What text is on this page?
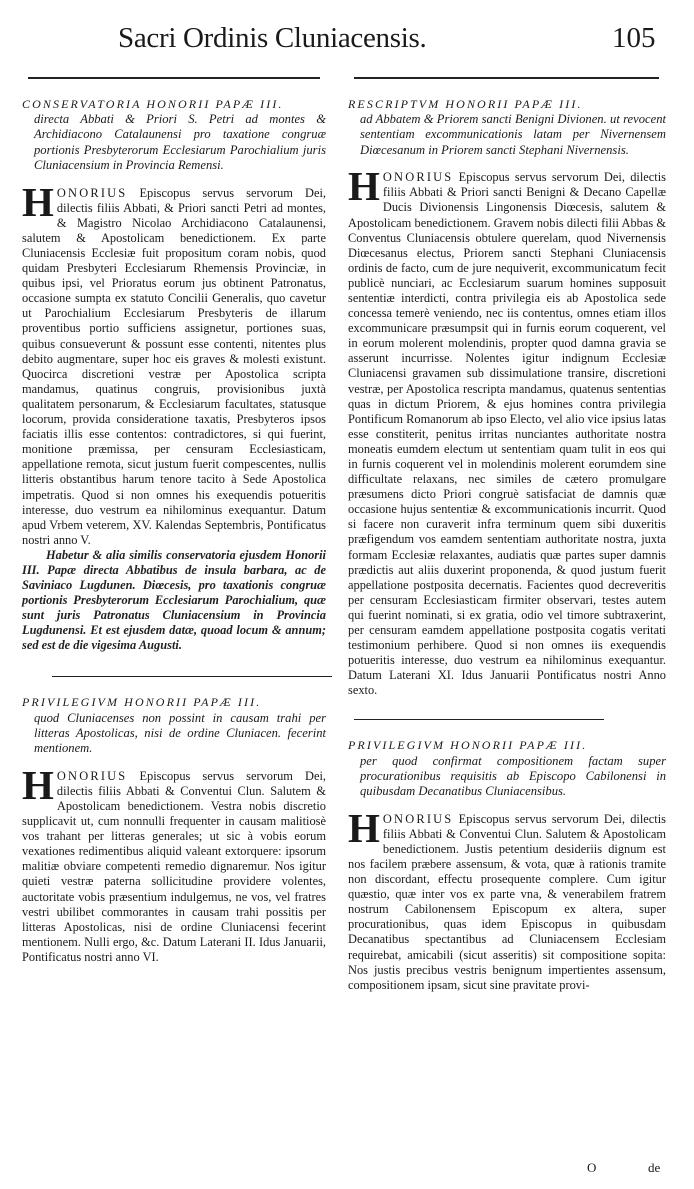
Sacri Ordinis Cluniacensis.	105
CONSERVATORIA HONORII PAPÆ III.
directa Abbati & Priori S. Petri ad montes & Archidiacono Catalaunensi pro taxatione congruæ portionis Presbyterorum Ecclesiarum Parochialium juris Cluniacensium in Provincia Remensi.
HONORIUS Episcopus servus servorum Dei, dilectis filiis Abbati, & Priori sancti Petri ad montes, & Magistro Nicolao Archidiacono Catalaunensi, salutem & Apostolicam benedictionem. Ex parte Cluniacensis Ecclesiæ fuit propositum coram nobis, quod quidam Presbyteri Ecclesiarum Rhemensis Provinciæ, in quibus ipsi, vel Prioratus eorum jus obtinent Patronatus, occasione sumpta ex statuto Concilii Generalis, quo cavetur ut Parochialium Ecclesiarum Presbyteris de illarum proventibus portio sufficiens assignetur, portiones suas, quibus consueverunt & possunt esse contenti, nitentes plus debito augmentare, super hoc eis graves & molesti existunt. Quocirca discretioni vestræ per Apostolica scripta mandamus, quatinus congruis, provisionibus juxtà qualitatem personarum, & Ecclesiarum facultates, statusque locorum, provida consideratione taxatis, Presbyteros ipsos faciatis illis esse contentos: contradictores, si qui fuerint, monitione præmissa, per censuram Ecclesiasticam, appellatione remota, sicut justum fuerit compescentes, nullis litteris obstantibus harum tenore tacito à Sede Apostolica impetratis. Quod si non omnes his exequendis potueritis interesse, duo vestrum ea nihilominus exequantur. Datum apud Vrbem veterem, XV. Kalendas Septembris, Pontificatus nostri anno V.
Habetur & alia similis conservatoria ejusdem Honorii III. Papæ directa Abbatibus de insula barbara, ac de Saviniaco Lugdunen. Diœcesis, pro taxationis congruæ portionis Presbyterorum Ecclesiarum Parochialium, quæ sunt juris Patronatus Cluniacensium in Provincia Lugdunensi. Et est ejusdem datæ, quoad locum & annum; sed est de die vigesima Augusti.
PRIVILEGIVM HONORII PAPÆ III.
quod Cluniacenses non possint in causam trahi per litteras Apostolicas, nisi de ordine Cluniacen. fecerint mentionem.
HONORIUS Episcopus servus servorum Dei, dilectis filiis Abbati & Conventui Clun. Salutem & Apostolicam benedictionem. Vestra nobis discretio supplicavit ut, cum nonnulli frequenter in causam malitiosè vos trahant per litteras generales; ut sic à vobis eorum vexationes redimentibus aliquid valeant extorquere: ipsorum malitiæ obviare competenti remedio dignaremur. Nos igitur quieti vestræ paterna sollicitudine providere volentes, auctoritate vobis præsentium indulgemus, ne vos, vel fratres vestri ubilibet commorantes in causam trahi possitis per litteras Apostolicas, nisi de ordine Cluniacensi fecerint mentionem. Nulli ergo, &c. Datum Laterani II. Idus Januarii, Pontificatus nostri anno VI.
RESCRIPTVM HONORII PAPÆ III.
ad Abbatem & Priorem sancti Benigni Divionen. ut revocent sententiam excommunicationis latam per Nivernensem Diœcesanum in Priorem sancti Stephani Nivernensis.
HONORIUS Episcopus servus servorum Dei, dilectis filiis Abbati & Priori sancti Benigni & Decano Capellæ Ducis Divionensis Lingonensis Diœcesis, salutem & Apostolicam benedictionem. Gravem nobis dilecti filii Abbas & Conventus Cluniacensis obtulere querelam, quod Nivernensis Diœcesanus electus, Priorem sancti Stephani Cluniacensis ordinis de facto, cum de jure nequiverit, excommunicatum fecit publicè nunciari, ac Ecclesiarum suarum homines supposuit sententiæ interdicti, contra privilegia eis ab Apostolica sede concessa temerè veniendo, nec iis contentus, omnes etiam illos excommunicare præsumpsit qui in furnis eorum coquerent, vel in eorum molerent molendinis, propter quod damna gravia se asserunt incurrisse. Nolentes igitur indignum Ecclesiæ Cluniacensi gravamen sub dissimulatione transire, discretioni vestræ, per Apostolica rescripta mandamus, quatenus sententias quas in dictum Priorem, & ejus homines contra privilegia Pontificum Romanorum ab ipso Electo, vel alio vice ipsius latas esse constiterit, penitus irritas nunciantes authoritate nostra moneatis eumdem electum ut sententiam quam tulit in eos qui in furnis coquerent vel in molendinis molerent eorumdem sine difficultate relaxans, nec similes de cætero promulgare præsumens dicto Priori congruè satisfaciat de damnis quæ occasione hujus sententiæ & excommunicationis incurrit. Quod si facere non curaverit infra terminum quem sibi duxeritis præfigendum vos eamdem sententiam authoritate nostra, juxta formam Ecclesiæ relaxantes, audiatis quæ partes super damnis prædictis aut aliis duxerint proponenda, & quod justum fuerit appellatione postposita decernatis. Facientes quod decreveritis per censuram Ecclesiasticam firmiter observari, testes autem qui fuerint nominati, si ex gratia, odio vel timore subtraxerint, per censuram eamdem appellatione postposita cogatis veritati testimonium perhibere. Quod si non omnes iis exequendis potueritis interesse, duo vestrum ea nihilominus exequantur. Datum Laterani XI. Idus Januarii Pontificatus nostri Anno sexto.
PRIVILEGIVM HONORII PAPÆ III.
per quod confirmat compositionem factam super procurationibus requisitis ab Episcopo Cabilonensi in quibusdam Decanatibus Cluniacensibus.
HONORIUS Episcopus servus servorum Dei, dilectis filiis Abbati & Conventui Clun. Salutem & Apostolicam benedictionem. Justis petentium desideriis dignum est nos facilem præbere assensum, & vota, quæ à rationis tramite non discordant, effectu prosequente complere. Cum igitur quæstio, quæ inter vos ex parte vna, & venerabilem fratrem nostrum Cabilonensem Episcopum ex altera, super procurationibus, quas idem Episcopus in quibusdam Decanatibus spectantibus ad Cluniacensem Ecclesiam requirebat, amicabili (sicut asseritis) sit compositione sopita: Nos justis precibus vestris benignum impertientes assensum, compositionem ipsam, sicut sine pravitate provi-
O	de
